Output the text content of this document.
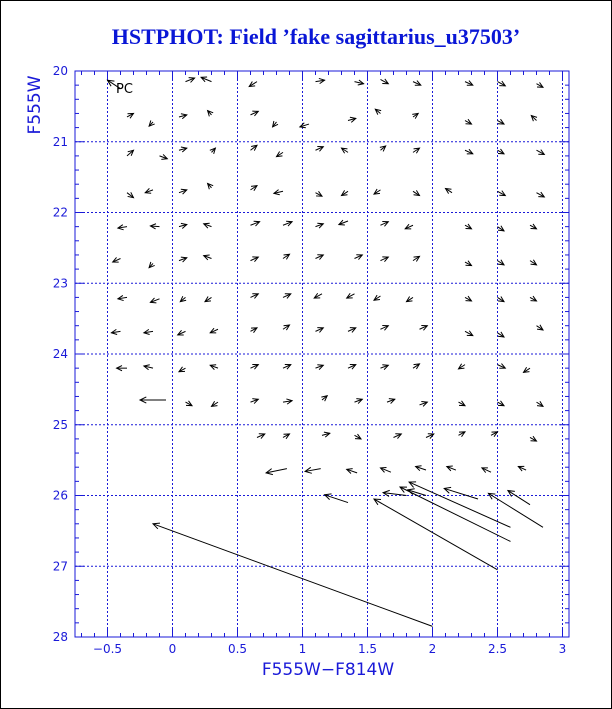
HSTPHOT: Field ’fake sagittarius_u37503’
−0.5	0	0.5	1	1.5	2	2.5	3
20
21
22
23
24
25
26
27
28
PC
F555W−F814W
F555W
